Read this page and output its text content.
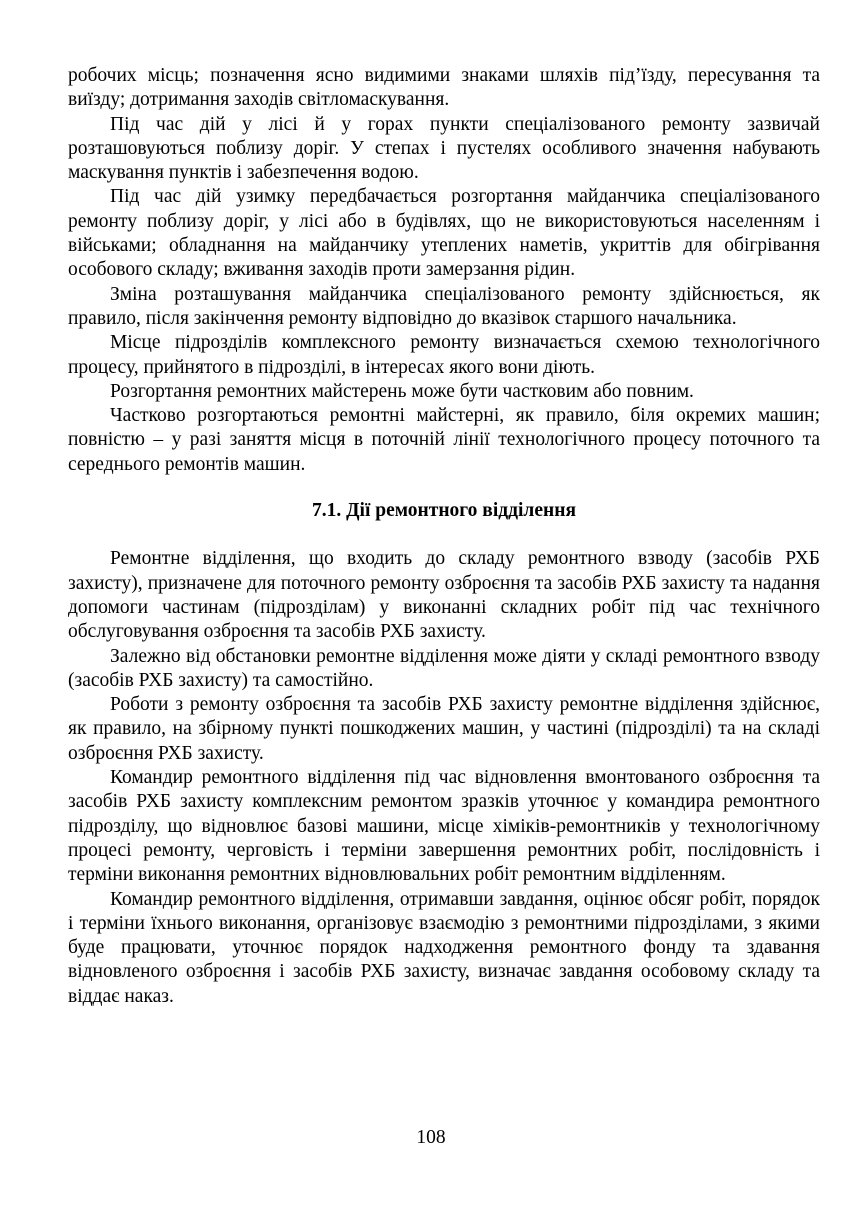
робочих місць; позначення ясно видимими знаками шляхів під’їзду, пересування та виїзду; дотримання заходів світломаскування.

Під час дій у лісі й у горах пункти спеціалізованого ремонту зазвичай розташовуються поблизу доріг. У степах і пустелях особливого значення набувають маскування пунктів і забезпечення водою.

Під час дій узимку передбачається розгортання майданчика спеціалізованого ремонту поблизу доріг, у лісі або в будівлях, що не використовуються населенням і військами; обладнання на майданчику утеплених наметів, укриттів для обігрівання особового складу; вживання заходів проти замерзання рідин.

Зміна розташування майданчика спеціалізованого ремонту здійснюється, як правило, після закінчення ремонту відповідно до вказівок старшого начальника.

Місце підрозділів комплексного ремонту визначається схемою технологічного процесу, прийнятого в підрозділі, в інтересах якого вони діють.

Розгортання ремонтних майстерень може бути частковим або повним.

Частково розгортаються ремонтні майстерні, як правило, біля окремих машин; повністю – у разі заняття місця в поточній лінії технологічного процесу поточного та середнього ремонтів машин.

7.1. Дії ремонтного відділення

Ремонтне відділення, що входить до складу ремонтного взводу (засобів РХБ захисту), призначене для поточного ремонту озброєння та засобів РХБ захисту та надання допомоги частинам (підрозділам) у виконанні складних робіт під час технічного обслуговування озброєння та засобів РХБ захисту.

Залежно від обстановки ремонтне відділення може діяти у складі ремонтного взводу (засобів РХБ захисту) та самостійно.

Роботи з ремонту озброєння та засобів РХБ захисту ремонтне відділення здійснює, як правило, на збірному пункті пошкоджених машин, у частині (підрозділі) та на складі озброєння РХБ захисту.

Командир ремонтного відділення під час відновлення вмонтованого озброєння та засобів РХБ захисту комплексним ремонтом зразків уточнює у командира ремонтного підрозділу, що відновлює базові машини, місце хіміків-ремонтників у технологічному процесі ремонту, черговість і терміни завершення ремонтних робіт, послідовність і терміни виконання ремонтних відновлювальних робіт ремонтним відділенням.

Командир ремонтного відділення, отримавши завдання, оцінює обсяг робіт, порядок і терміни їхнього виконання, організовує взаємодію з ремонтними підрозділами, з якими буде працювати, уточнює порядок надходження ремонтного фонду та здавання відновленого озброєння і засобів РХБ захисту, визначає завдання особовому складу та віддає наказ.

108
